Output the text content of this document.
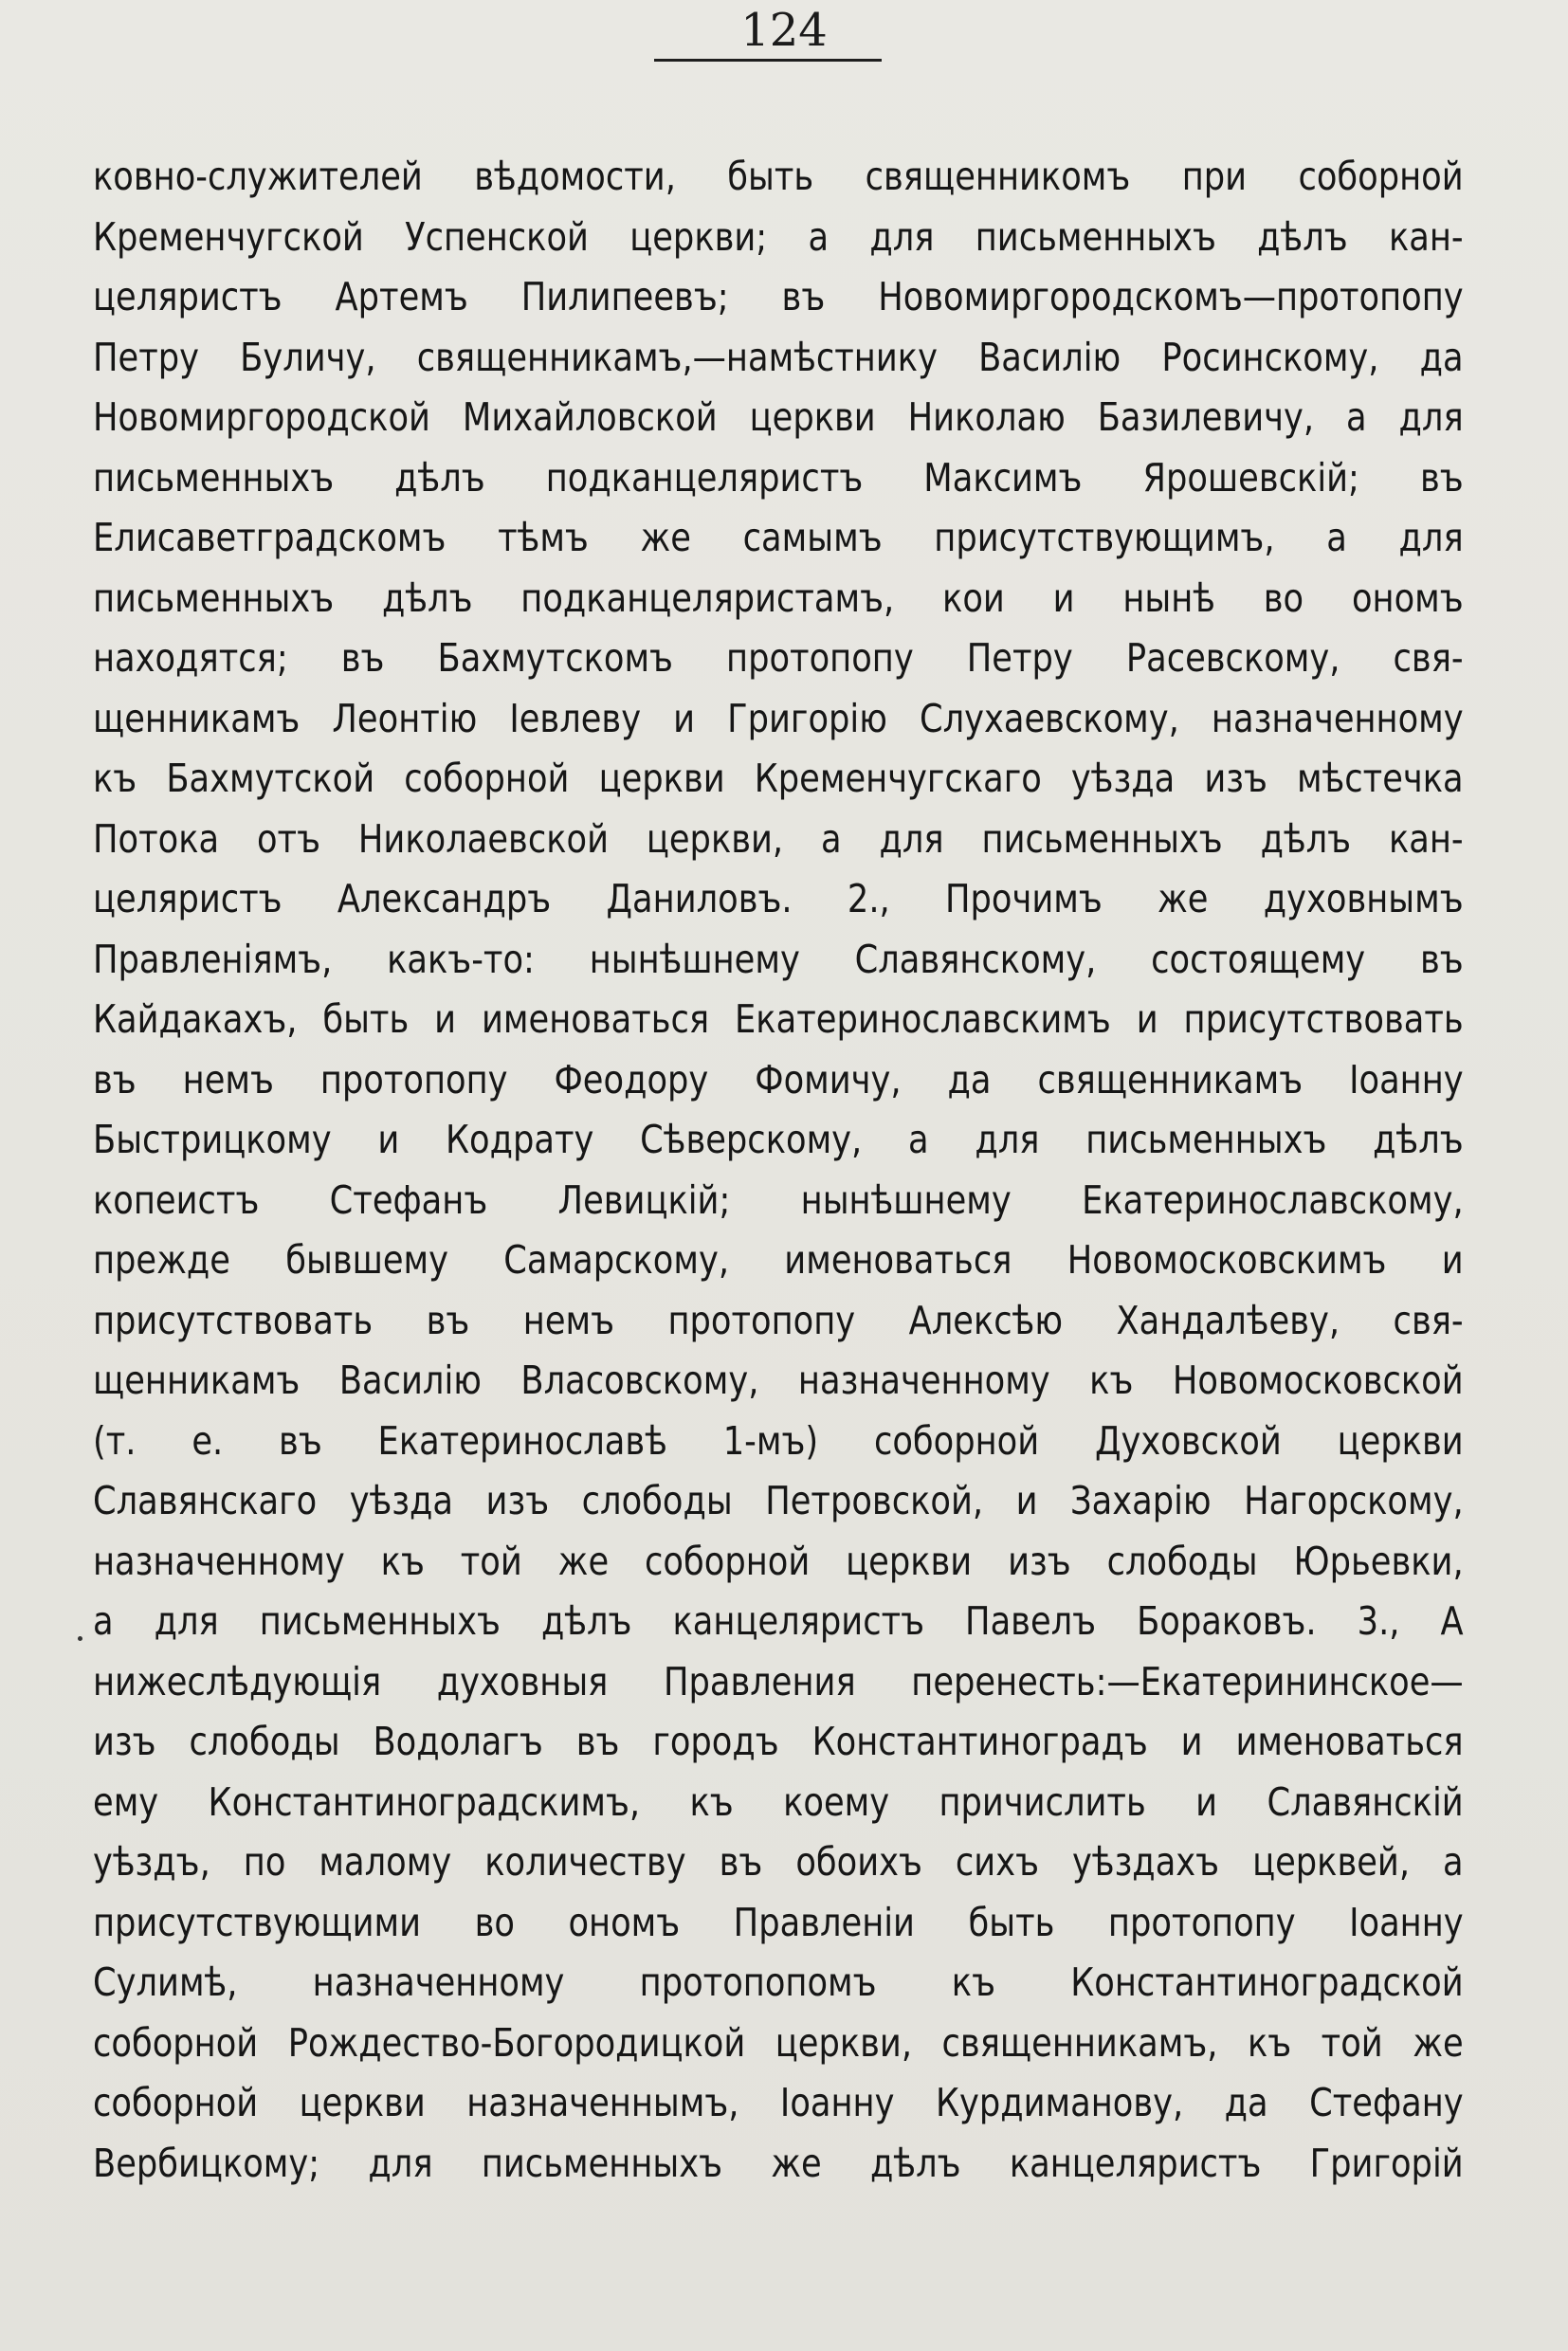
124
ковно-служителей вѣдомости, быть священникомъ при соборной
Кременчугской Успенской церкви; а для письменныхъ дѣлъ кан-
целяристъ Артемъ Пилипеевъ; въ Новомиргородскомъ—протопопу
Петру Буличу, священникамъ,—намѣстнику Василію Росинскому, да
Новомиргородской Михайловской церкви Николаю Базилевичу, а для
письменныхъ дѣлъ подканцеляристъ Максимъ Ярошевскій; въ
Елисаветградскомъ тѣмъ же самымъ присутствующимъ, а для
письменныхъ дѣлъ подканцеляристамъ, кои и нынѣ во ономъ
находятся; въ Бахмутскомъ протопопу Петру Расевскому, свя-
щенникамъ Леонтію Іевлеву и Григорію Слухаевскому, назначенному
къ Бахмутской соборной церкви Кременчугскаго уѣзда изъ мѣстечка
Потока отъ Николаевской церкви, а для письменныхъ дѣлъ кан-
целяристъ Александръ Даниловъ. 2., Прочимъ же духовнымъ
Правленіямъ, какъ-то: нынѣшнему Славянскому, состоящему въ
Кайдакахъ, быть и именоваться Екатеринославскимъ и присутствовать
въ немъ протопопу Феодору Фомичу, да священникамъ Іоанну
Быстрицкому и Кодрату Сѣверскому, а для письменныхъ дѣлъ
копеистъ Стефанъ Левицкій; нынѣшнему Екатеринославскому,
прежде бывшему Самарскому, именоваться Новомосковскимъ и
присутствовать въ немъ протопопу Алексѣю Хандалѣеву, свя-
щенникамъ Василію Власовскому, назначенному къ Новомосковской
(т. е. въ Екатеринославѣ 1-мъ) соборной Духовской церкви
Славянскаго уѣзда изъ слободы Петровской, и Захарію Нагорскому,
назначенному къ той же соборной церкви изъ слободы Юрьевки,
а для письменныхъ дѣлъ канцеляристъ Павелъ Бораковъ. 3., А
нижеслѣдующія духовныя Правления перенесть:—Екатерининское—
изъ слободы Водолагъ въ городъ Константиноградъ и именоваться
ему Константиноградскимъ, къ коему причислить и Славянскій
уѣздъ, по малому количеству въ обоихъ сихъ уѣздахъ церквей, а
присутствующими во ономъ Правленіи быть протопопу Іоанну
Сулимѣ, назначенному протопопомъ къ Константиноградской
соборной Рождество-Богородицкой церкви, священникамъ, къ той же
соборной церкви назначеннымъ, Іоанну Курдиманову, да Стефану
Вербицкому; для письменныхъ же дѣлъ канцеляристъ Григорій
